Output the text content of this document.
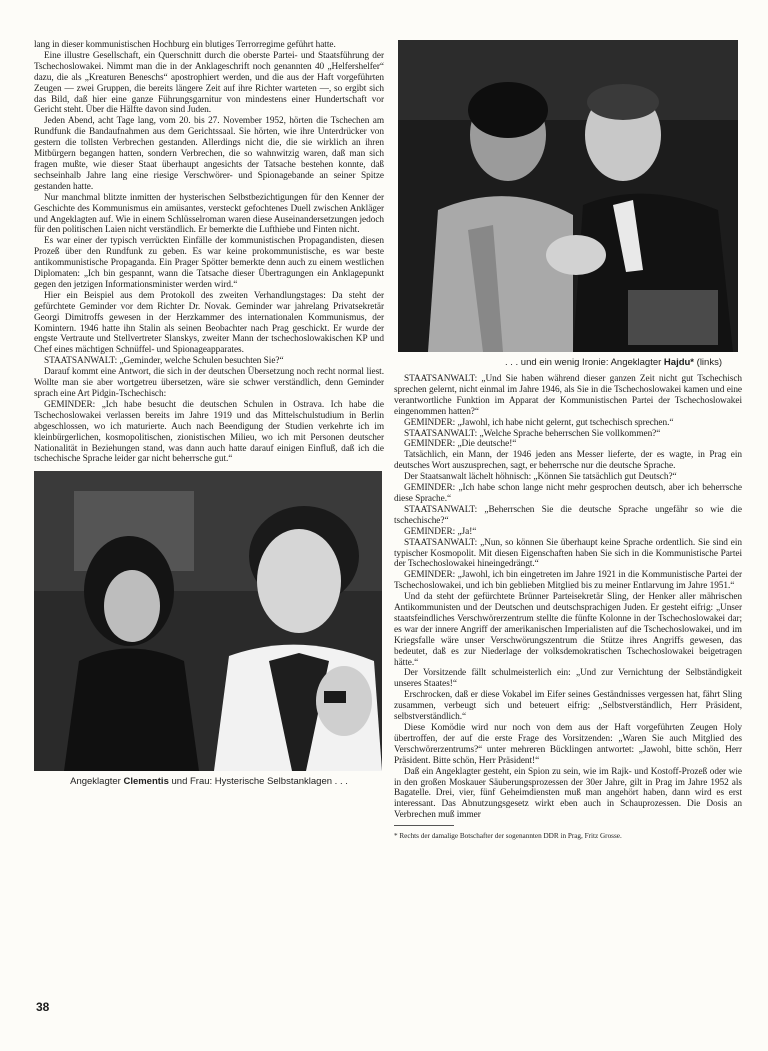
lang in dieser kommunistischen Hochburg ein blutiges Terrorregime geführt hatte.

Eine illustre Gesellschaft, ein Querschnitt durch die oberste Partei- und Staatsführung der Tschechoslowakei. Nimmt man die in der Anklageschrift noch genannten 40 „Helfershelfer“ dazu, die als „Kreaturen Beneschs“ apostrophiert werden, und die aus der Haft vorgeführten Zeugen — zwei Gruppen, die bereits längere Zeit auf ihre Richter warteten —, so ergibt sich das Bild, daß hier eine ganze Führungsgarnitur von mindestens einer Hundertschaft vor Gericht steht. Über die Hälfte davon sind Juden.

Jeden Abend, acht Tage lang, vom 20. bis 27. November 1952, hörten die Tschechen am Rundfunk die Bandaufnahmen aus dem Gerichtssaal. Sie hörten, wie ihre Unterdrücker von gestern die tollsten Verbrechen gestanden. Allerdings nicht die, die sie wirklich an ihren Mitbürgern begangen hatten, sondern Verbrechen, die so wahnwitzig waren, daß man sich fragen mußte, wie dieser Staat überhaupt angesichts der Tatsache bestehen konnte, daß sechseinhalb Jahre lang eine riesige Verschwörer- und Spionagebande an seiner Spitze gestanden hatte.

Nur manchmal blitzte inmitten der hysterischen Selbstbezichtigungen für den Kenner der Geschichte des Kommunismus ein amüsantes, versteckt gefochtenes Duell zwischen Ankläger und Angeklagten auf. Wie in einem Schlüsselroman waren diese Auseinandersetzungen jedoch für den politischen Laien nicht verständlich. Er bemerkte die Lufthiebe und Finten nicht.

Es war einer der typisch verrückten Einfälle der kommunistischen Propagandisten, diesen Prozeß über den Rundfunk zu geben. Es war keine prokommunistische, es war beste antikommunistische Propaganda. Ein Prager Spötter bemerkte denn auch zu einem westlichen Diplomaten: „Ich bin gespannt, wann die Tatsache dieser Übertragungen ein Anklagepunkt gegen den jetzigen Informationsminister werden wird.“

Hier ein Beispiel aus dem Protokoll des zweiten Verhandlungstages: Da steht der gefürchtete Geminder vor dem Richter Dr. Novak. Geminder war jahrelang Privatsekretär Georgi Dimitroffs gewesen in der Herzkammer des internationalen Kommunismus, der Komintern. 1946 hatte ihn Stalin als seinen Beobachter nach Prag geschickt. Er wurde der engste Vertraute und Stellvertreter Slanskys, zweiter Mann der tschechoslowakischen KP und Chef eines mächtigen Schnüffel- und Spionageapparates.

STAATSANWALT: „Geminder, welche Schulen besuchten Sie?“

Darauf kommt eine Antwort, die sich in der deutschen Übersetzung noch recht normal liest. Wollte man sie aber wortgetreu übersetzen, wäre sie schwer verständlich, denn Geminder sprach eine Art Pidgin-Tschechisch:

GEMINDER: „Ich habe besucht die deutschen Schulen in Ostrava. Ich habe die Tschechoslowakei verlassen bereits im Jahre 1919 und das Mittelschulstudium in Berlin abgeschlossen, wo ich maturierte. Auch nach Beendigung der Studien verkehrte ich im kleinbürgerlichen, kosmopolitischen, zionistischen Milieu, wo ich mit Personen deutscher Nationalität in Beziehungen stand, was dann auch hatte darauf einigen Einfluß, daß ich die tschechische Sprache leider gar nicht beherrsche gut.“

Angeklagter Clementis und Frau: Hysterische Selbstanklagen . . .
. . . und ein wenig Ironie: Angeklagter Hajdu* (links)

STAATSANWALT: „Und Sie haben während dieser ganzen Zeit nicht gut Tschechisch sprechen gelernt, nicht einmal im Jahre 1946, als Sie in die Tschechoslowakei kamen und eine verantwortliche Funktion im Apparat der Kommunistischen Partei der Tschechoslowakei eingenommen hatten?“

GEMINDER: „Jawohl, ich habe nicht gelernt, gut tschechisch sprechen.“

STAATSANWALT: „Welche Sprache beherrschen Sie vollkommen?“

GEMINDER: „Die deutsche!“

Tatsächlich, ein Mann, der 1946 jeden ans Messer lieferte, der es wagte, in Prag ein deutsches Wort auszusprechen, sagt, er beherrsche nur die deutsche Sprache.

Der Staatsanwalt lächelt höhnisch: „Können Sie tatsächlich gut Deutsch?“

GEMINDER: „Ich habe schon lange nicht mehr gesprochen deutsch, aber ich beherrsche diese Sprache.“

STAATSANWALT: „Beherrschen Sie die deutsche Sprache ungefähr so wie die tschechische?“

GEMINDER: „Ja!“

STAATSANWALT: „Nun, so können Sie überhaupt keine Sprache ordentlich. Sie sind ein typischer Kosmopolit. Mit diesen Eigenschaften haben Sie sich in die Kommunistische Partei der Tschechoslowakei hineingedrängt.“

GEMINDER: „Jawohl, ich bin eingetreten im Jahre 1921 in die Kommunistische Partei der Tschechoslowakei, und ich bin geblieben Mitglied bis zu meiner Entlarvung im Jahre 1951.“

Und da steht der gefürchtete Brünner Parteisekretär Sling, der Henker aller mährischen Antikommunisten und der Deutschen und deutschsprachigen Juden. Er gesteht eifrig: „Unser staatsfeindliches Verschwörerzentrum stellte die fünfte Kolonne in der Tschechoslowakei dar; es war der innere Angriff der amerikanischen Imperialisten auf die Tschechoslowakei, und im Kriegsfalle wäre unser Verschwörungszentrum die Stütze ihres Angriffs gewesen, das bedeutet, daß es zur Niederlage der volksdemokratischen Tschechoslowakei beigetragen hätte.“

Der Vorsitzende fällt schulmeisterlich ein: „Und zur Vernichtung der Selbständigkeit unseres Staates!“

Erschrocken, daß er diese Vokabel im Eifer seines Geständnisses vergessen hat, fährt Sling zusammen, verbeugt sich und beteuert eifrig: „Selbstverständlich, Herr Präsident, selbstverständlich.“

Diese Komödie wird nur noch von dem aus der Haft vorgeführten Zeugen Holy übertroffen, der auf die erste Frage des Vorsitzenden: „Waren Sie auch Mitglied des Verschwörerzentrums?“ unter mehreren Bücklingen antwortet: „Jawohl, bitte schön, Herr Präsident. Bitte schön, Herr Präsident!“

Daß ein Angeklagter gesteht, ein Spion zu sein, wie im Rajk- und Kostoff-Prozeß oder wie in den großen Moskauer Säuberungsprozessen der 30er Jahre, gilt in Prag im Jahre 1952 als Bagatelle. Drei, vier, fünf Geheimdiensten muß man angehört haben, dann wird es erst interessant. Das Abnutzungsgesetz wirkt eben auch in Schauprozessen. Die Dosis an Verbrechen muß immer

* Rechts der damalige Botschafter der sogenannten DDR in Prag, Fritz Grosse.
38
